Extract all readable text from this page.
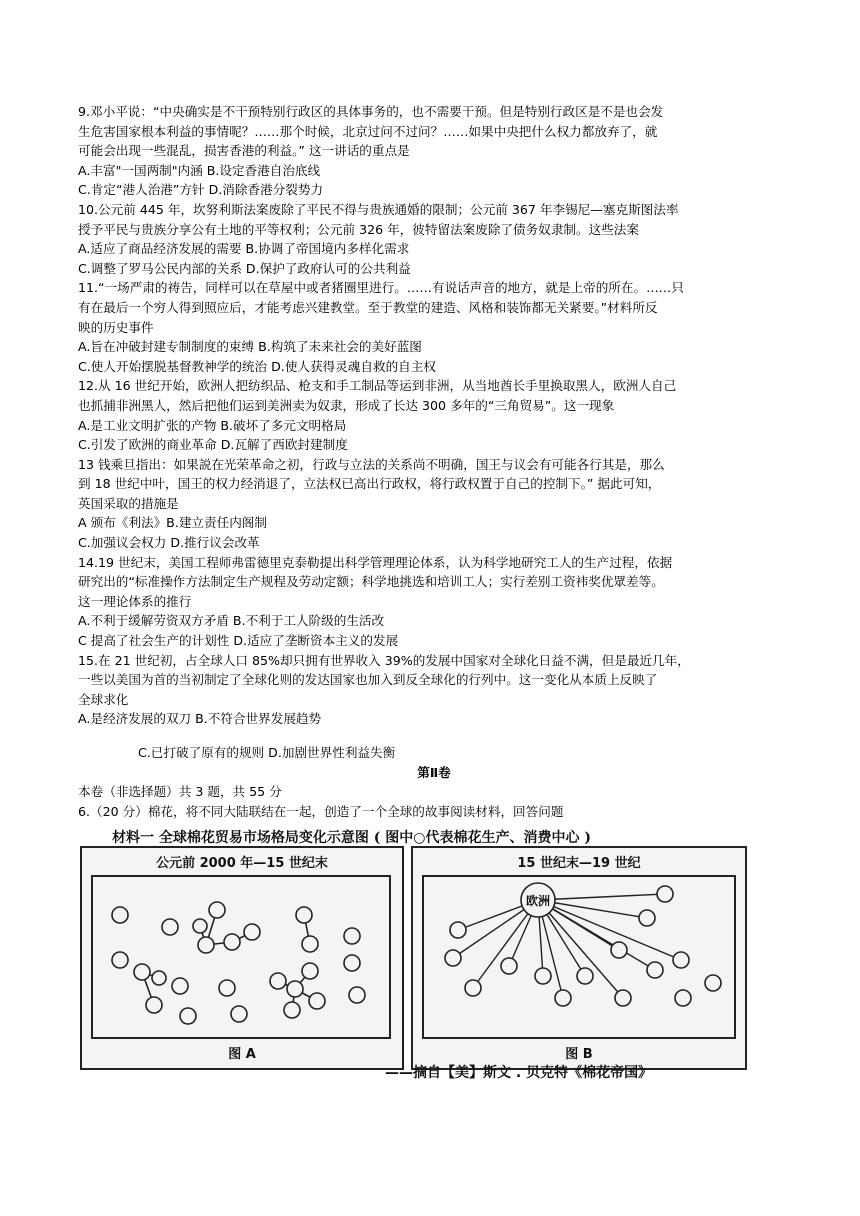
9.邓小平说：“中央确实是不干预特别行政区的具体事务的，也不需要干预。但是特别行政区是不是也会发
生危害国家根本利益的事情呢？……那个时候，北京过问不过问？……如果中央把什么权力都放弃了，就
可能会出现一些混乱，损害香港的利益。” 这一讲话的重点是
A.丰富"一国两制"内涵 B.设定香港自治底线
C.肯定“港人治港”方针 D.消除香港分裂势力
10.公元前 445 年，坎努利斯法案废除了平民不得与贵族通婚的限制；公元前 367 年李锡尼—塞克斯图法率
授予平民与贵族分享公有土地的平等权利；公元前 326 年，彼特留法案废除了债务奴隶制。这些法案
A.适应了商品经济发展的需要 B.协调了帝国境内多样化需求
C.调整了罗马公民内部的关系 D.保护了政府认可的公共利益
11.“一场严肃的祷告，同样可以在草屋中或者猪圈里进行。……有说话声音的地方，就是上帝的所在。……只
有在最后一个穷人得到照应后，才能考虑兴建教堂。至于教堂的建造、风格和装饰都无关紧要。”材料所反
映的历史事件
A.旨在冲破封建专制制度的束缚 B.构筑了未来社会的美好蓝图
C.使人开始摆脱基督教神学的统治 D.使人获得灵魂自救的自主权
12.从 16 世纪开始，欧洲人把纺织品、枪支和手工制品等运到非洲，从当地酋长手里换取黑人，欧洲人自己
也抓捕非洲黑人，然后把他们运到美洲卖为奴隶，形成了长达 300 多年的“三角贸易”。这一现象
A.是工业文明扩张的产物 B.破坏了多元文明格局
C.引发了欧洲的商业革命 D.瓦解了西欧封建制度
13 钱乘旦指出：如果説在光荣革命之初，行政与立法的关系尚不明确，国王与议会有可能各行其是，那么
到 18 世纪中叶，国王的权力经消退了，立法权已高出行政权，将行政权置于自己的控制下。” 据此可知，
英国采取的措施是
A 颁布《利法》B.建立责任内阁制
C.加强议会权力 D.推行议会改革
14.19 世纪末，美国工程师弗雷德里克泰勒提出科学管理理论体系，认为科学地研究工人的生产过程，依据
研究出的“标准操作方法制定生产规程及劳动定额；科学地挑选和培训工人；实行差别工资袆奖优眾差等。
这一理论体系的推行
A.不利于缓解劳资双方矛盾 B.不利于工人阶级的生活改
C 提高了社会生产的计划性 D.适应了垄断资本主义的发展
15.在 21 世纪初，占全球人口 85%却只拥有世界收入 39%的发展中国家对全球化日益不满，但是最近几年，
一些以美国为首的当初制定了全球化则的发达国家也加入到反全球化的行列中。这一变化从本质上反映了
全球求化
A.是经济发展的双刀 B.不符合世界发展趋势
C.已打破了原有的规则 D.加剧世界性利益失衡
第Ⅱ卷
本卷（非选择题）共 3 题，共 55 分
6.（20 分）棉花，将不同大陆联结在一起，创造了一个全球的故事阅读材料，回答问题
材料一 全球棉花贸易市场格局变化示意图 ( 图中○代表棉花生产、消费中心 )
公元前 2000 年—15 世纪末
图 A
15 世纪末—19 世纪
欧洲
图 B
——摘自【美】斯文 . 贝克特《棉花帝国》
